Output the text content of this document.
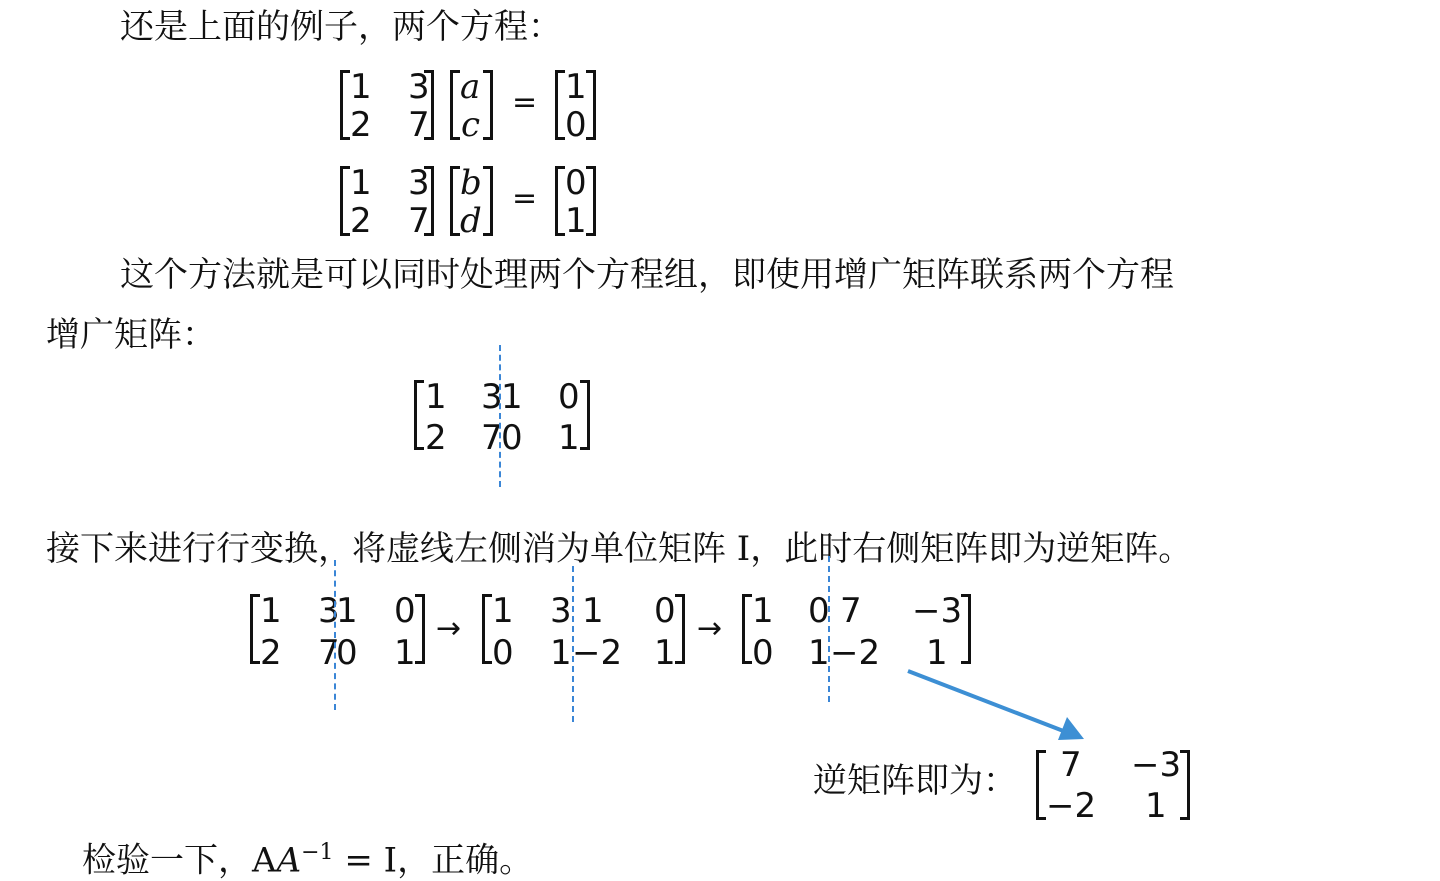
还是上面的例子，两个方程：
1 3
2 7
a
c
= 1
0
1 3
2 7
b
d
= 0
1
这个方法就是可以同时处理两个方程组，即使用增广矩阵联系两个方程
增广矩阵：
1 3
1 0
2 7
0 1
接下来进行行变换，将虚线左侧消为单位矩阵 I，此时右侧矩阵即为逆矩阵。
1 3
1 0
2 7
0 1
→ 1 3 1 0
0 1 −2 1
→ 1 0 7 −3
0 1 −2 1
逆矩阵即为： 7 −3
−2 1
检验一下，$AA^{-1} = I$，正确。
